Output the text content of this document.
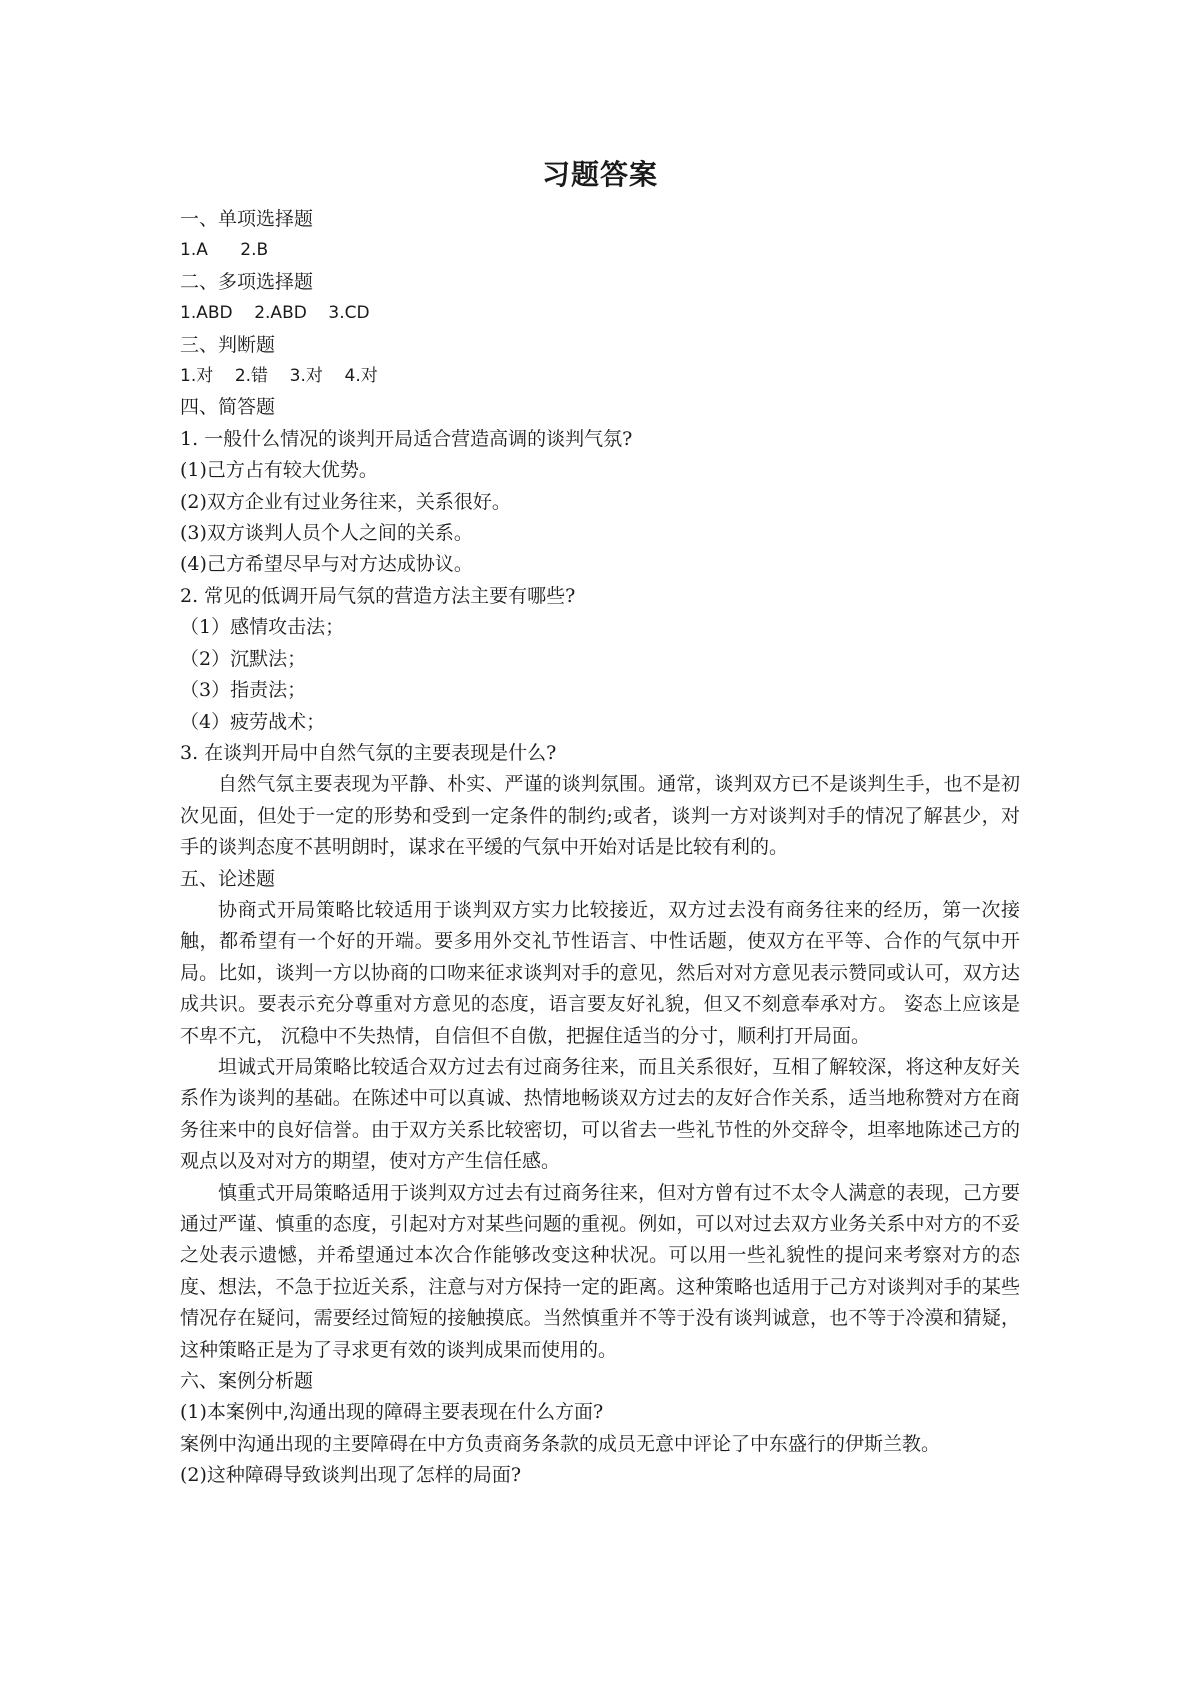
习题答案

一、单项选择题

1.A      2.B

二、多项选择题

1.ABD    2.ABD    3.CD

三、判断题

1.对    2.错    3.对    4.对

四、简答题

1. 一般什么情况的谈判开局适合营造高调的谈判气氛?

(1)己方占有较大优势。

(2)双方企业有过业务往来，关系很好。

(3)双方谈判人员个人之间的关系。

(4)己方希望尽早与对方达成协议。

2. 常见的低调开局气氛的营造方法主要有哪些?

（1）感情攻击法；

（2）沉默法；

（3）指责法；

（4）疲劳战术；

3. 在谈判开局中自然气氛的主要表现是什么?

自然气氛主要表现为平静、朴实、严谨的谈判氛围。通常，谈判双方已不是谈判生手，也不是初次见面，但处于一定的形势和受到一定条件的制约;或者，谈判一方对谈判对手的情况了解甚少，对手的谈判态度不甚明朗时，谋求在平缓的气氛中开始对话是比较有利的。

五、论述题

协商式开局策略比较适用于谈判双方实力比较接近，双方过去没有商务往来的经历，第一次接触，都希望有一个好的开端。要多用外交礼节性语言、中性话题，使双方在平等、合作的气氛中开局。比如，谈判一方以协商的口吻来征求谈判对手的意见，然后对对方意见表示赞同或认可，双方达成共识。要表示充分尊重对方意见的态度，语言要友好礼貌，但又不刻意奉承对方。 姿态上应该是不卑不亢， 沉稳中不失热情，自信但不自傲，把握住适当的分寸，顺利打开局面。

坦诚式开局策略比较适合双方过去有过商务往来，而且关系很好，互相了解较深，将这种友好关系作为谈判的基础。在陈述中可以真诚、热情地畅谈双方过去的友好合作关系，适当地称赞对方在商务往来中的良好信誉。由于双方关系比较密切，可以省去一些礼节性的外交辞令，坦率地陈述己方的观点以及对对方的期望，使对方产生信任感。

慎重式开局策略适用于谈判双方过去有过商务往来，但对方曾有过不太令人满意的表现，己方要通过严谨、慎重的态度，引起对方对某些问题的重视。例如，可以对过去双方业务关系中对方的不妥之处表示遗憾，并希望通过本次合作能够改变这种状况。可以用一些礼貌性的提问来考察对方的态度、想法，不急于拉近关系，注意与对方保持一定的距离。这种策略也适用于己方对谈判对手的某些情况存在疑问，需要经过简短的接触摸底。当然慎重并不等于没有谈判诚意，也不等于冷漠和猜疑，这种策略正是为了寻求更有效的谈判成果而使用的。

六、案例分析题

(1)本案例中,沟通出现的障碍主要表现在什么方面?

案例中沟通出现的主要障碍在中方负责商务条款的成员无意中评论了中东盛行的伊斯兰教。

(2)这种障碍导致谈判出现了怎样的局面?
